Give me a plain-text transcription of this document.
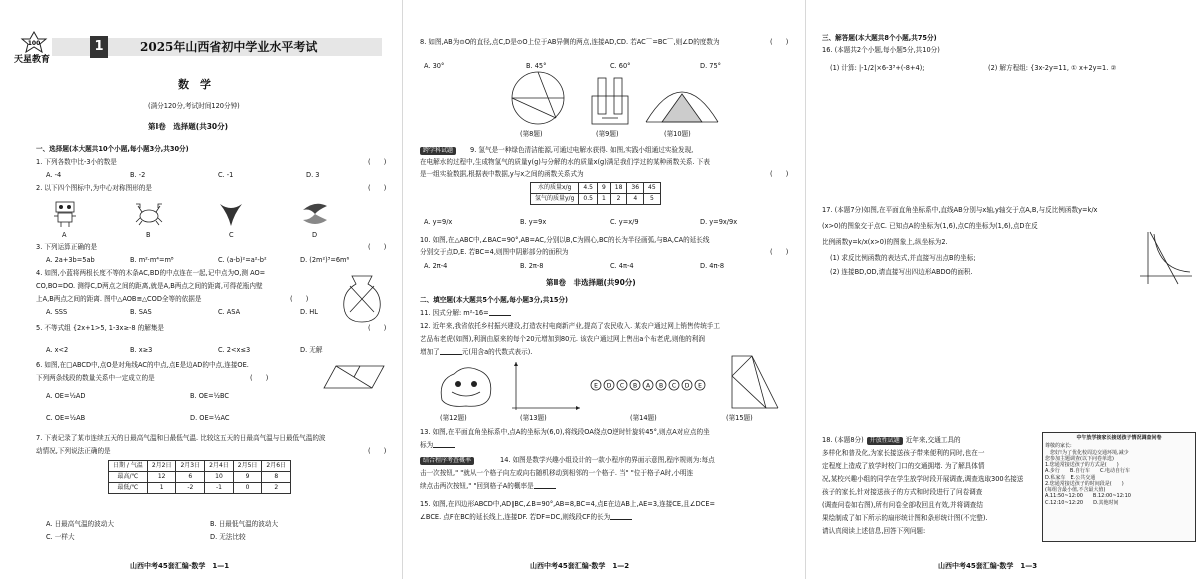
100
天星教育
1	2025年山西省初中学业水平考试
数　学
(满分120分,考试时间120分钟)
第Ⅰ卷　选择题(共30分)
一、选择题(本大题共10个小题,每小题3分,共30分)
1. 下列各数中比-3小的数是	(　　)
A. -4	B. -2	C. -1	D. 3
2. 以下四个图标中,为中心对称图形的是	(　　)
A	B	C	D
3. 下列运算正确的是	(　　)
A. 2a+3b=5ab	B. m²·m⁴=m⁸	C. (a-b)²=a²-b²	D. (2m²)³=6m⁶
4. 如图,小蓝将两根长度不等的木条AC,BD的中点连在一起,记中点为O,测 AO=
CO,BO=DO. 测得C,D两点之间的距离,就是A,B两点之间的距离,可得花瓶内壁
上A,B两点之间的距离. 图中△AOB≌△COD全等的依据是	(　　)
A. SSS	B. SAS	C. ASA	D. HL
5. 不等式组 {2x+1>5, 1-3x≥-8 的解集是	(　　)
A. x<2	B. x≥3	C. 2<x≤3	D. 无解
6. 如图,在□ABCD中,点O是对角线AC的中点,点E是边AD的中点,连接OE.
下列两条线段的数量关系中一定成立的是	(　　)
A. OE=½AD	B. OE=½BC
C. OE=½AB	D. OE=½AC
7. 下表记录了某市连续五天的日最高气温和日最低气温. 比较这五天的日最高气温与日最低气温的波
动情况,下列说法正确的是	(　　)
日期 / 气温	2月2日	2月3日	2月4日	2月5日	2月6日
最高/℃	12	6	10	9	8
最低/℃	1	-2	-1	0	2
A. 日最高气温的波动大	B. 日最低气温的波动大
C. 一样大	D. 无法比较
山西中考45套汇编·数学　1—1
8. 如图,AB为⊙O的直径,点C,D是⊙O上位于AB异侧的两点,连接AD,CD. 若AC⌒=BC⌒,则∠D的度数为	(　　)
A. 30°	B. 45°	C. 60°	D. 75°
(第8题)	(第9题)	(第10题)
跨学科试题	9. 氢气是一种绿色清洁能源,可通过电解水获得. 如图,实践小组通过实验发现,
在电解水的过程中,生成物氢气的质量y(g)与分解的水的质量x(g)满足我们学过的某种函数关系. 下表
是一组实验数据,根据表中数据,y与x之间的函数关系式为	(　　)
水的质量x/g	4.5	9	18	36	45
氢气的质量y/g	0.5	1	2	4	5
A. y=9/x	B. y=9x	C. y=x/9	D. y=9x/9x
10. 如图,在△ABC中,∠BAC=90°,AB=AC,分别以B,C为圆心,BC的长为半径画弧,与BA,CA的延长线
分别交于点D,E. 若BC=4,则图中阴影部分的面积为	(　　)
A. 2π-4	B. 2π-8	C. 4π-4	D. 4π-8
第Ⅱ卷　非选择题(共90分)
二、填空题(本大题共5个小题,每小题3分,共15分)
11. 因式分解: m²-16=
12. 近年来,我省依托乡村振兴建设,打造农村电商新产业,提高了农民收入. 某农户通过网上销售传统手工
艺品布老虎(如图),利润由原来的每个20元增加到80元. 该农户通过网上售出a个布老虎,则他的利润
增加了	元(用含a的代数式表示).
E D C B A B C D E
(第12题)	(第13题)	(第14题)	(第15题)
13. 如图,在平面直角坐标系中,点A的坐标为(6,0),将线段OA绕点O逆时针旋转45°,则点A对应点的坐
标为
结合程序考查概率	14. 如图是数学兴趣小组设计的一款小程序的界面示意图,程序规则为:每点
击一次按钮," "就从一个格子向左或向右随机移动到相邻的一个格子. 当" "位于格子A时,小明连
续点击两次按钮," "回到格子A的概率是
15. 如图,在四边形ABCD中,AD∥BC,∠B=90°,AB=8,BC=4,点E在边AB上,AE=3,连接CE,且∠DCE=
∠BCE. 点F在BC的延长线上,连接DF. 若DF=DC,则线段CF的长为
山西中考45套汇编·数学　1—2
三、解答题(本大题共8个小题,共75分)
16. (本题共2个小题,每小题5分,共10分)
(1) 计算: |-1/2|×6-3³+(-8+4);	(2) 解方程组: {3x-2y=11, ① x+2y=1. ②
17. (本题7分)如图,在平面直角坐标系中,直线AB分别与x轴,y轴交于点A,B,与反比例函数y=k/x
(x>0)的图象交于点C. 已知点A的坐标为(1,6),点C的坐标为(1,6),点D在反
比例函数y=k/x(x>0)的图象上,纵坐标为2.
(1) 求反比例函数的表达式,并直接写出点B的坐标;
(2) 连接BD,OD,请直接写出四边形ABDO的面积.
18. (本题8分) 开放性试题 近年来,交通工具的
多样化和普及化,为家长接送孩子带来便利的同时,也在一
定程度上造成了放学时校门口的交通拥堵. 为了解具体情
况,某校兴趣小组的同学在学生放学时段开展调查,调查选取300名接送
孩子的家长,针对接送孩子的方式和时段进行了问卷调查
(调查问卷如右图),所有问卷全部收回且有效,并将调查结
果绘制成了如下所示的扇形统计图和条形统计图(不完整).
请认真阅读上述信息,回答下列问题:
中午放学接家长接送孩子情况调查问卷
尊敬的家长:
　您好!为了优化校周边交通环境,减少
您参加主题调查(以下问卷单选)
1.您通常接送孩子的方式是(　　)
A.步行　　B.自行车　　C.电动自行车
D.私家车　E.公共交通
2.您通常接送孩子的时间段是(　　)
(每组含最小值,不含最大值)
A.11:50~12:00　　B.12:00~12:10
C.12:10~12:20　　D.其他时间
山西中考45套汇编·数学　1—3
